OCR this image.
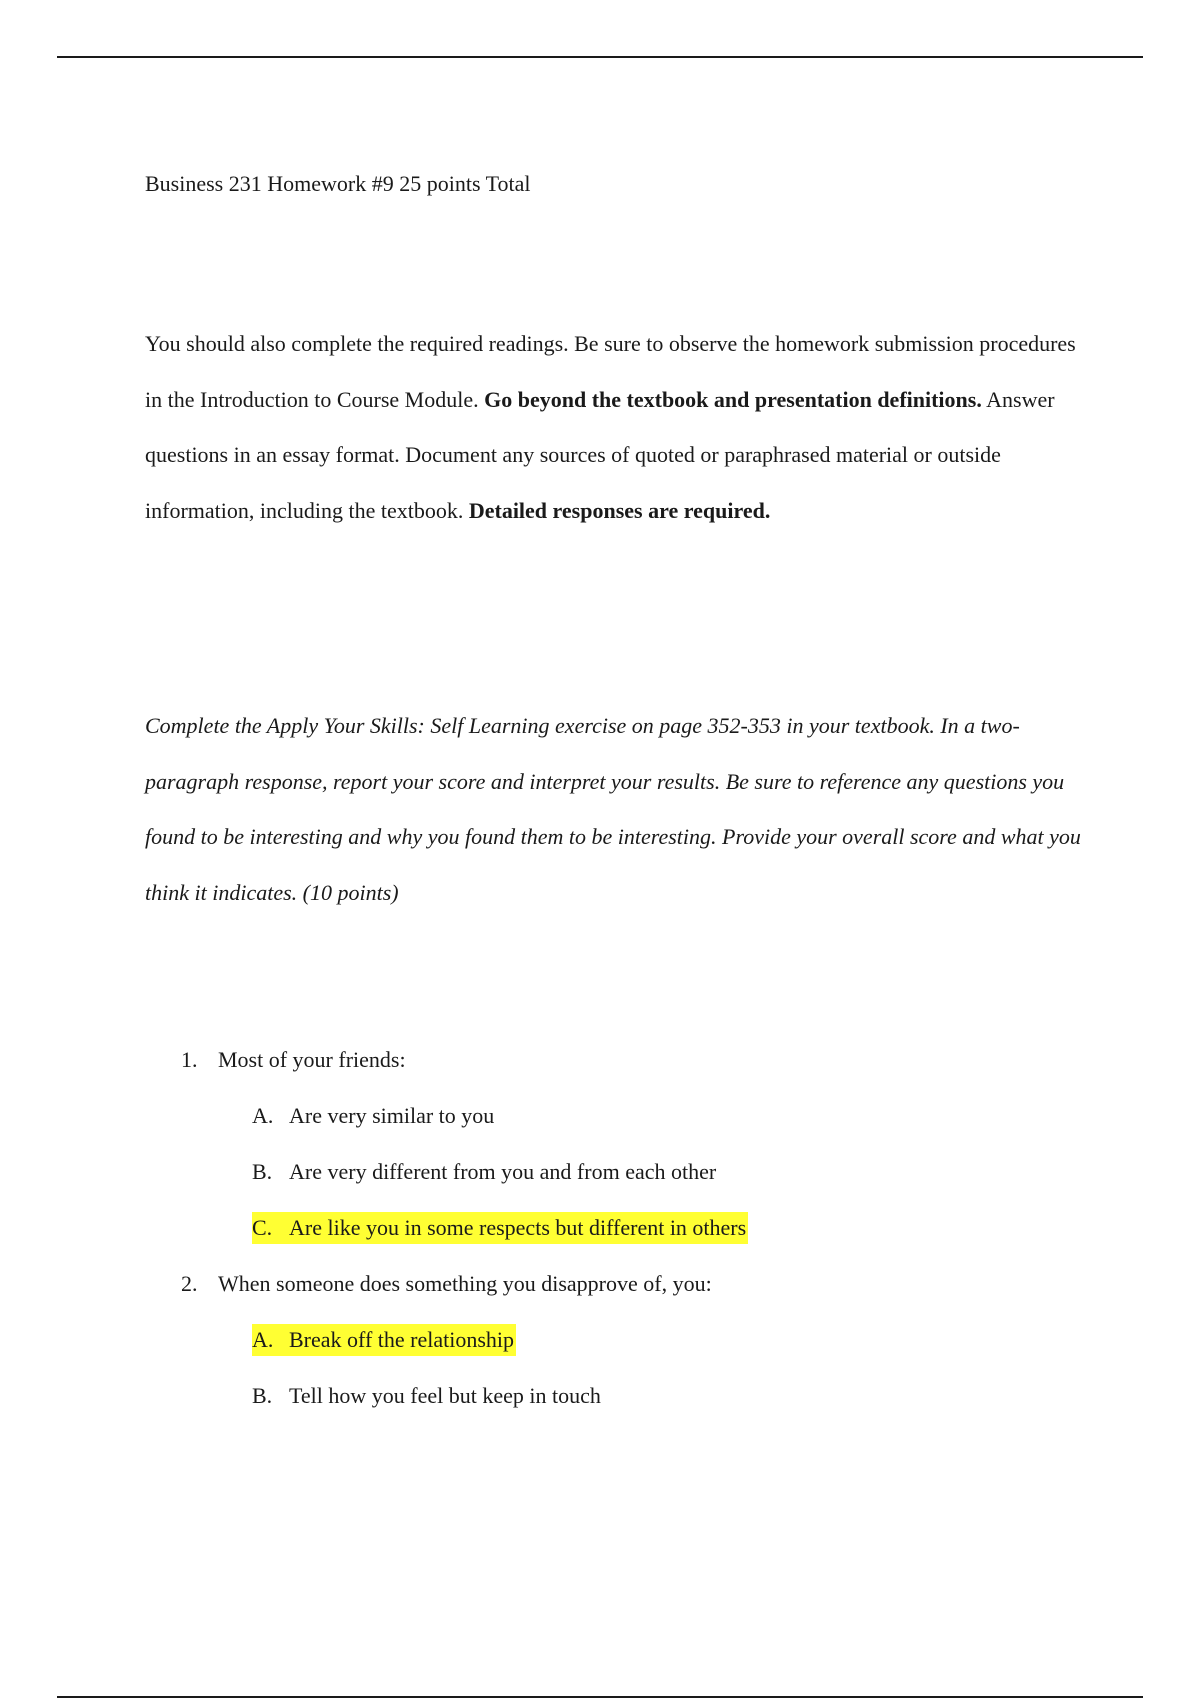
Business 231 Homework #9 25 points Total

You should also complete the required readings. Be sure to observe the homework submission procedures in the Introduction to Course Module. Go beyond the textbook and presentation definitions. Answer questions in an essay format. Document any sources of quoted or paraphrased material or outside information, including the textbook. Detailed responses are required.

Complete the Apply Your Skills: Self Learning exercise on page 352-353 in your textbook. In a two-paragraph response, report your score and interpret your results. Be sure to reference any questions you found to be interesting and why you found them to be interesting. Provide your overall score and what you think it indicates. (10 points)

1. Most of your friends:
A. Are very similar to you
B. Are very different from you and from each other
C. Are like you in some respects but different in others
2. When someone does something you disapprove of, you:
A. Break off the relationship
B. Tell how you feel but keep in touch
